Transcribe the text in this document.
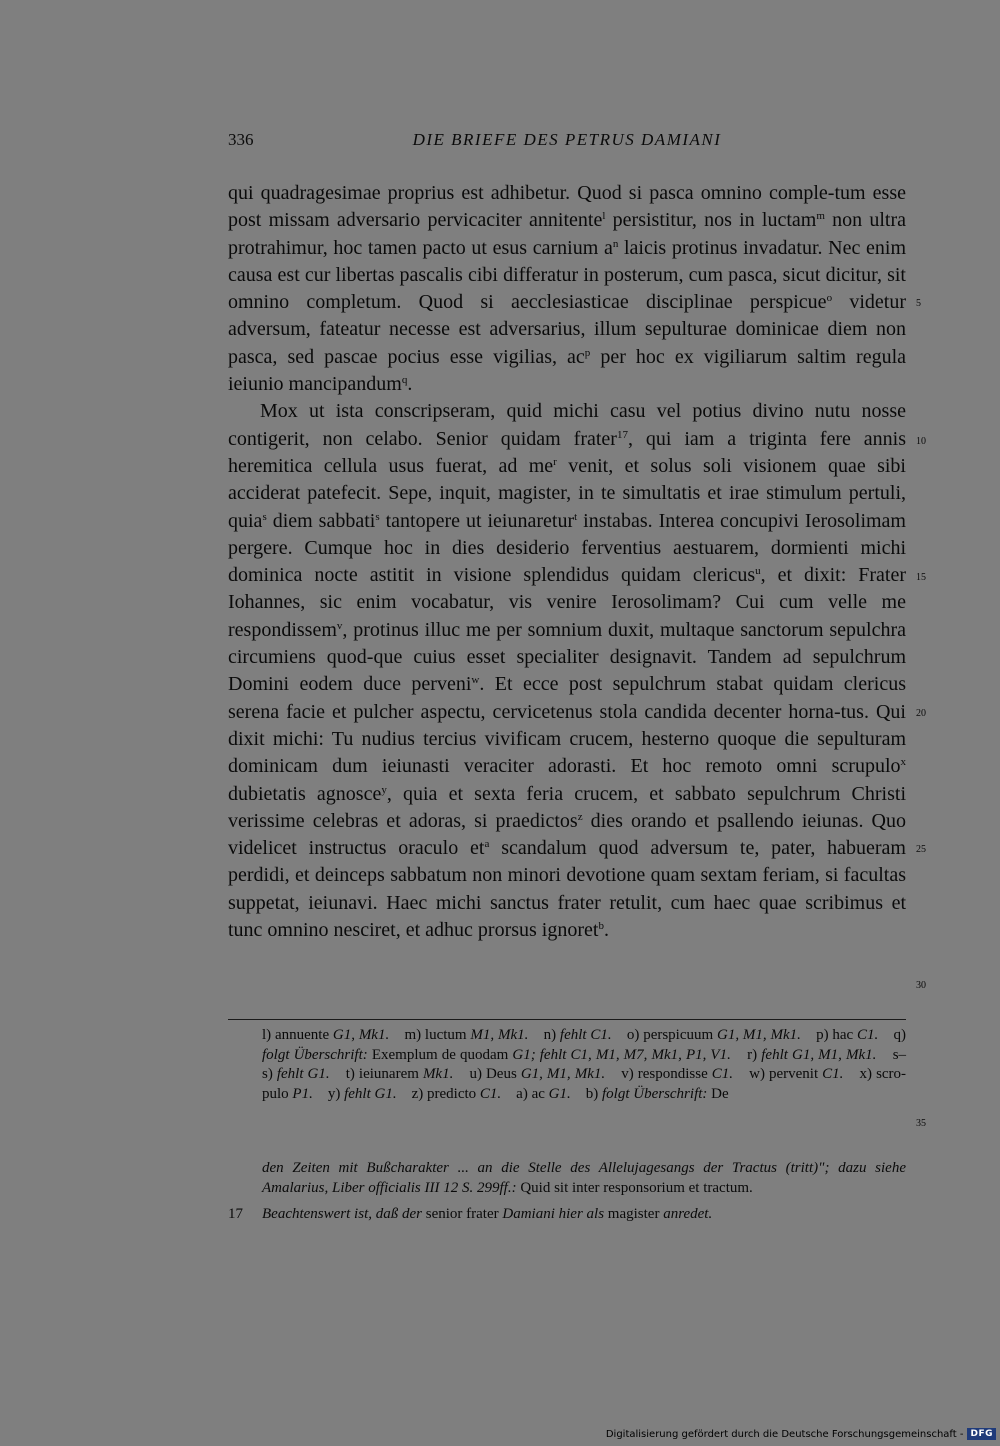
336	DIE BRIEFE DES PETRUS DAMIANI

qui quadragesimae proprius est adhibetur. Quod si pasca omnino comple-tum esse post missam adversario pervicaciter annitente$^l$ persistitur, nos in luctam$^m$ non ultra protrahimur, hoc tamen pacto ut esus carnium $a^n$ laicis protinus invadatur. Nec enim causa est cur libertas pascalis cibi differatur in posterum, cum pasca, sicut dicitur, sit omnino completum. Quod si aecclesiasticae disciplinae perspicue$^o$ videtur adversum, fateatur necesse est adversarius, illum sepulturae dominicae diem non pasca, sed pascae pocius esse vigilias, $ac^p$ per hoc ex vigiliarum saltim regula ieiunio mancipandum$^q$.

Mox ut ista conscripseram, quid michi casu vel potius divino nutu nosse contigerit, non celabo. Senior quidam frater$^{17}$, qui iam a triginta fere annis heremitica cellula usus fuerat, ad $me^r$ venit, et solus soli visionem quae sibi acciderat patefecit. Sepe, inquit, magister, in te simultatis et irae stimulum pertuli, quia$^s$ diem sabbati$^s$ tantopere ut ieiunaretur$^t$ instabas. Interea concupivi Ierosolimam pergere. Cumque hoc in dies desiderio ferventius aestuarem, dormienti michi dominica nocte astitit in visione splendidus quidam clericus$^u$, et dixit: Frater Iohannes, sic enim vocabatur, vis venire Ierosolimam? Cui cum velle me respondissem$^v$, protinus illuc me per somnium duxit, multaque sanctorum sepulchra circumiens quod-que cuius esset specialiter designavit. Tandem ad sepulchrum Domini eodem duce perveni$^w$. Et ecce post sepulchrum stabat quidam clericus serena facie et pulcher aspectu, cervicetenus stola candida decenter horna-tus. Qui dixit michi: Tu nudius tercius vivificam crucem, hesterno quoque die sepulturam dominicam dum ieiunasti veraciter adorasti. Et hoc remoto omni scrupulo$^x$ dubietatis agnosce$^y$, quia et sexta feria crucem, et sabbato sepulchrum Christi verissime celebras et adoras, si praedictos$^z$ dies orando et psallendo ieiunas. Quo videlicet instructus oraculo $et^a$ scandalum quod adversum te, pater, habueram perdidi, et deinceps sabbatum non minori devotione quam sextam feriam, si facultas suppetat, ieiunavi. Haec michi sanctus frater retulit, cum haec quae scribimus et tunc omnino nesciret, et adhuc prorsus ignoret$^b$.

5
10
15
20
25
30
35
l) annuente G1, Mk1. m) luctum M1, Mk1. n) fehlt C1. o) perspicuum G1, M1, Mk1. p) hac C1. q) folgt Überschrift: Exemplum de quodam G1; fehlt C1, M1, M7, Mk1, P1, V1. r) fehlt G1, M1, Mk1. s–s) fehlt G1. t) ieiunarem Mk1. u) Deus G1, M1, Mk1. v) respondisse C1. w) pervenit C1. x) scro-pulo P1. y) fehlt G1. z) predicto C1. a) ac G1. b) folgt Überschrift: De

den Zeiten mit Bußcharakter ... an die Stelle des Allelujagesangs der Tractus (tritt)"; dazu siehe Amalarius, Liber officialis III 12 S. 299ff.: Quid sit inter responsorium et tractum.

17 Beachtenswert ist, daß der senior frater Damiani hier als magister anredet.

Digitalisierung gefördert durch die Deutsche Forschungsgemeinschaft - DFG
